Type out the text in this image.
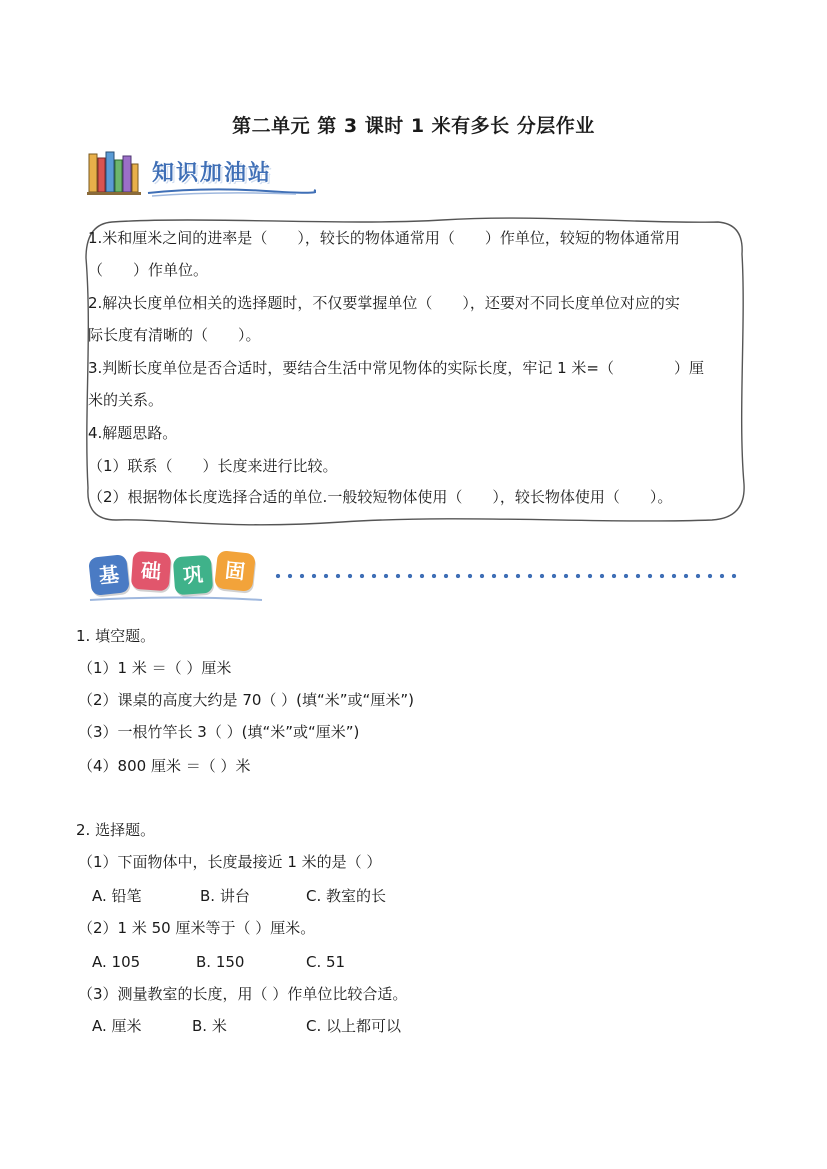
第二单元 第 3 课时 1 米有多长 分层作业
知识加油站
1.米和厘米之间的进率是（　　），较长的物体通常用（　　）作单位，较短的物体通常用
（　　）作单位。
2.解决长度单位相关的选择题时，不仅要掌握单位（　　），还要对不同长度单位对应的实
际长度有清晰的（　　）。
3.判断长度单位是否合适时，要结合生活中常见物体的实际长度，牢记 1 米=（　　　　）厘
米的关系。
4.解题思路。
（1）联系（　　）长度来进行比较。
（2）根据物体长度选择合适的单位.一般较短物体使用（　　），较长物体使用（　　）。
基 础	巩 固
1. 填空题。
（1）1 米 ＝（ ）厘米
（2）课桌的高度大约是 70（ ）(填“米”或“厘米”)
（3）一根竹竿长 3（ ）(填“米”或“厘米”)
（4）800 厘米 ＝（ ）米
2. 选择题。
（1）下面物体中，长度最接近 1 米的是（ ）
A. 铅笔	B. 讲台	C. 教室的长
（2）1 米 50 厘米等于（ ）厘米。
A. 105	B. 150	C. 51
（3）测量教室的长度，用（ ）作单位比较合适。
A. 厘米	B. 米	C. 以上都可以
